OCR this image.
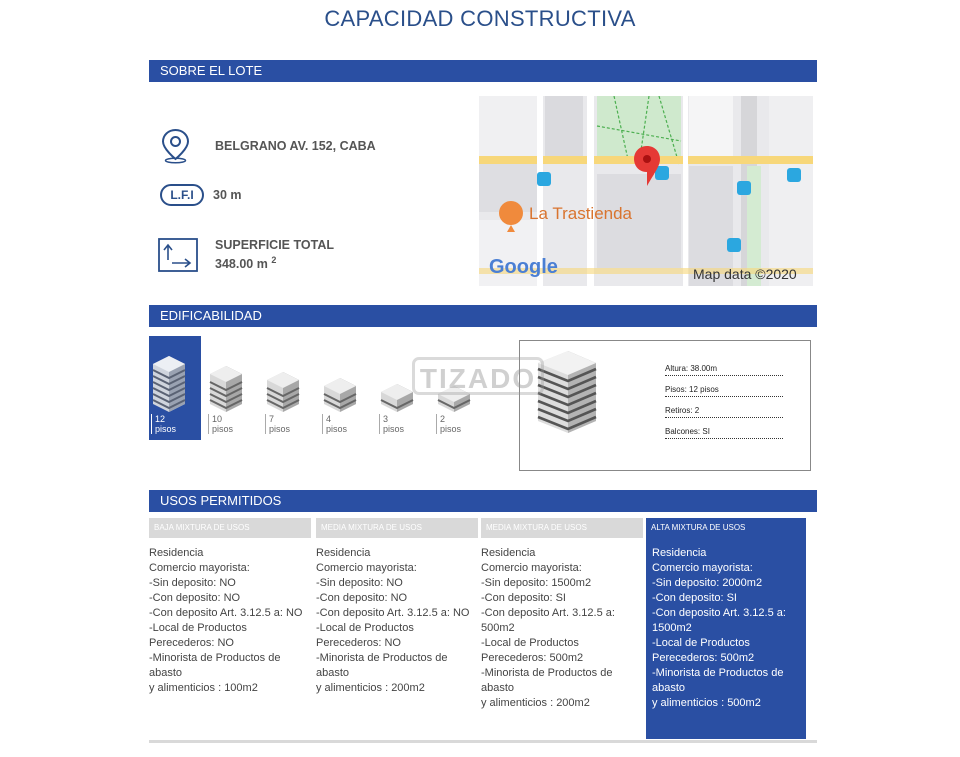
CAPACIDAD CONSTRUCTIVA
SOBRE EL LOTE
BELGRANO AV. 152, CABA
L.F.I 30 m
SUPERFICIE TOTAL
348.00 m $^2$
La Trastienda
Google	Map data ©2020
EDIFICABILIDAD
12
pisos
10
pisos
7
pisos
4
pisos
3
pisos
2
pisos
Altura: 38.00m
Pisos: 12 pisos
Retiros: 2
Balcones: SI
TIZADO
USOS PERMITIDOS
BAJA MIXTURA DE USOS
Residencia
Comercio mayorista:
-Sin deposito: NO
-Con deposito: NO
-Con deposito Art. 3.12.5 a: NO
-Local de Productos
Perecederos: NO
-Minorista de Productos de
abasto
y alimenticios : 100m2
MEDIA MIXTURA DE USOS
Residencia
Comercio mayorista:
-Sin deposito: NO
-Con deposito: NO
-Con deposito Art. 3.12.5 a: NO
-Local de Productos
Perecederos: NO
-Minorista de Productos de
abasto
y alimenticios : 200m2
MEDIA MIXTURA DE USOS
Residencia
Comercio mayorista:
-Sin deposito: 1500m2
-Con deposito: SI
-Con deposito Art. 3.12.5 a:
500m2
-Local de Productos
Perecederos: 500m2
-Minorista de Productos de
abasto
y alimenticios : 200m2
ALTA MIXTURA DE USOS
Residencia
Comercio mayorista:
-Sin deposito: 2000m2
-Con deposito: SI
-Con deposito Art. 3.12.5 a:
1500m2
-Local de Productos
Perecederos: 500m2
-Minorista de Productos de
abasto
y alimenticios : 500m2
